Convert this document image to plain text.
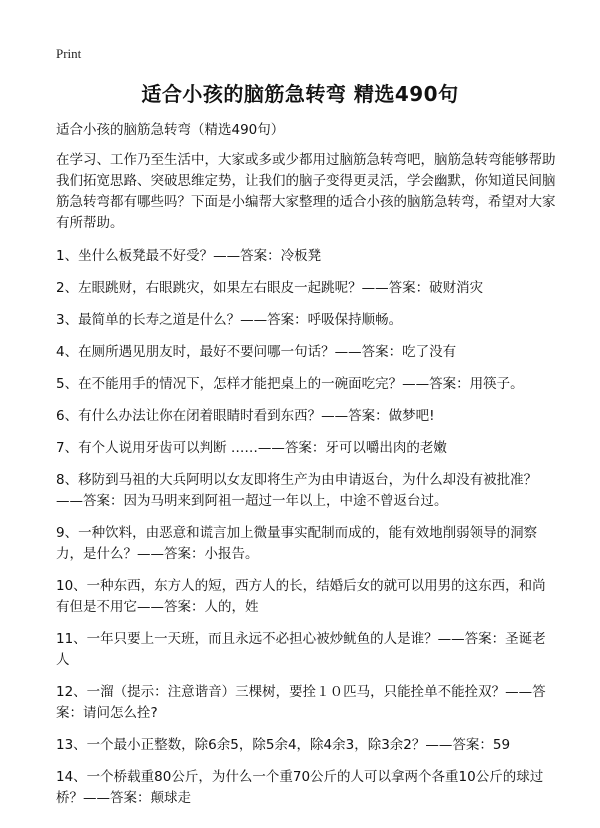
Print
适合小孩的脑筋急转弯 精选490句

适合小孩的脑筋急转弯（精选490句）

在学习、工作乃至生活中，大家或多或少都用过脑筋急转弯吧，脑筋急转弯能够帮助我们拓宽思路、突破思维定势，让我们的脑子变得更灵活，学会幽默，你知道民间脑筋急转弯都有哪些吗？下面是小编帮大家整理的适合小孩的脑筋急转弯，希望对大家有所帮助。

1、坐什么板凳最不好受？——答案：冷板凳

2、左眼跳财，右眼跳灾，如果左右眼皮一起跳呢？——答案：破财消灾

3、最简单的长寿之道是什么？——答案：呼吸保持顺畅。

4、在厕所遇见朋友时，最好不要问哪一句话？——答案：吃了没有

5、在不能用手的情况下，怎样才能把桌上的一碗面吃完？——答案：用筷子。

6、有什么办法让你在闭着眼睛时看到东西？——答案：做梦吧!

7、有个人说用牙齿可以判断 ……——答案：牙可以嚼出肉的老嫩

8、移防到马祖的大兵阿明以女友即将生产为由申请返台，为什么却没有被批准？——答案：因为马明来到阿祖一超过一年以上，中途不曾返台过。

9、一种饮料，由恶意和谎言加上微量事实配制而成的，能有效地削弱领导的洞察力，是什么？——答案：小报告。

10、一种东西，东方人的短，西方人的长，结婚后女的就可以用男的这东西，和尚有但是不用它——答案：人的，姓

11、一年只要上一天班，而且永远不必担心被炒鱿鱼的人是谁？——答案：圣诞老人

12、一溜（提示：注意谐音）三棵树，要拴１０匹马，只能拴单不能拴双？——答案：请问怎么拴?

13、一个最小正整数，除6余5，除5余4，除4余3，除3余2？——答案：59

14、一个桥载重80公斤，为什么一个重70公斤的人可以拿两个各重10公斤的球过桥？——答案：颠球走
